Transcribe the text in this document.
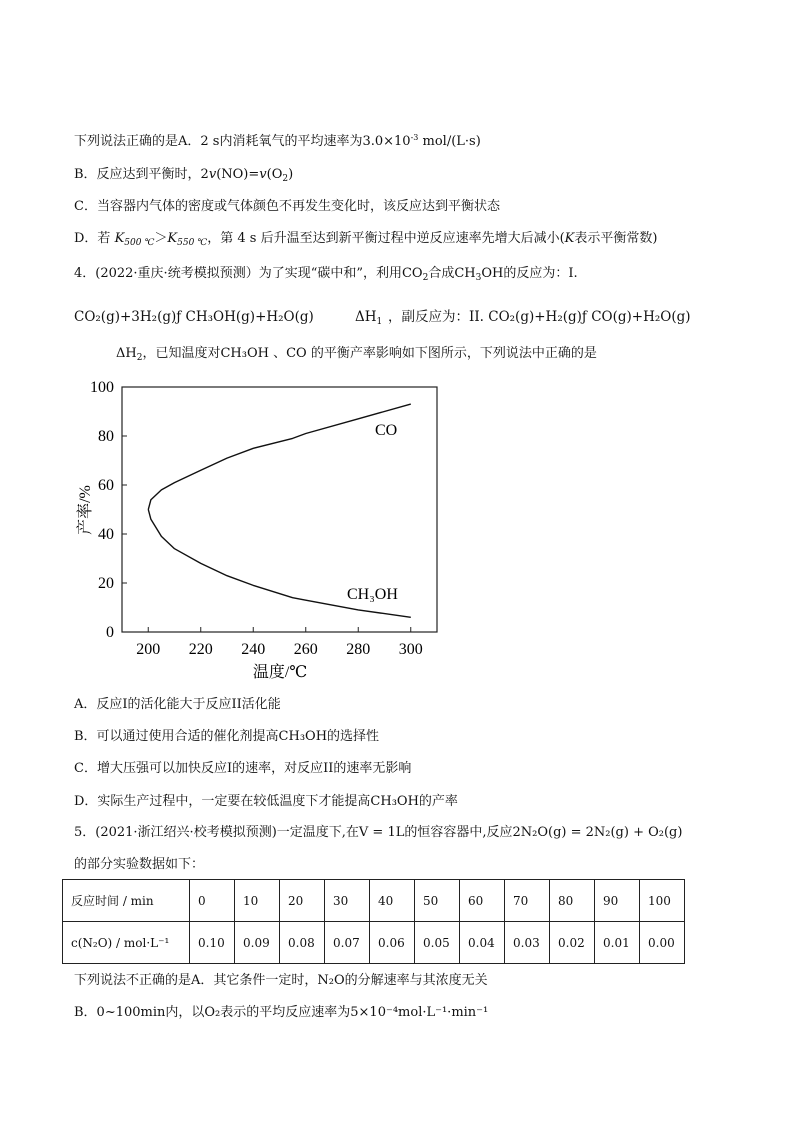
下列说法正确的是A．2 s内消耗氧气的平均速率为$3.0\times 10^{-3}$ mol/(L·s)
B．反应达到平衡时，$2v(NO)=v(O_2)$
C．当容器内气体的密度或气体颜色不再发生变化时，该反应达到平衡状态
D．若 $K_{500 ℃}>K_{550 ℃}$，第 4 s 后升温至达到新平衡过程中逆反应速率先增大后减小(K表示平衡常数)
4．(2022·重庆·统考模拟预测）为了实现“碳中和”，利用$CO_2$合成$CH_3OH$的反应为：I.
CO₂(g)+3H₂(g)ƒ CH₃OH(g)+H₂O(g)	$\Delta H_1$ ，副反应为：II. CO₂(g)+H₂(g)ƒ CO(g)+H₂O(g)
$\Delta H_2$，已知温度对CH₃OH 、CO 的平衡产率影响如下图所示，下列说法中正确的是
200 220 240 260 280 300
0
20
40
60
80
100
CO
CH₃OH
温度/℃
产率/%
A．反应I的活化能大于反应II活化能
B．可以通过使用合适的催化剂提高CH₃OH的选择性
C．增大压强可以加快反应I的速率，对反应II的速率无影响
D．实际生产过程中，一定要在较低温度下才能提高CH₃OH的产率
5．(2021·浙江绍兴·校考模拟预测)一定温度下,在V = 1L的恒容容器中,反应2N₂O(g) = 2N₂(g) + O₂(g)
的部分实验数据如下：
反应时间 / min	0	10	20	30	40	50	60	70	80	90	100
c(N₂O) / mol·L⁻¹	0.10	0.09	0.08	0.07	0.06	0.05	0.04	0.03	0.02	0.01	0.00
下列说法不正确的是A．其它条件一定时，N₂O的分解速率与其浓度无关
B．0~100min内，以O₂表示的平均反应速率为5×10⁻⁴mol·L⁻¹·min⁻¹
